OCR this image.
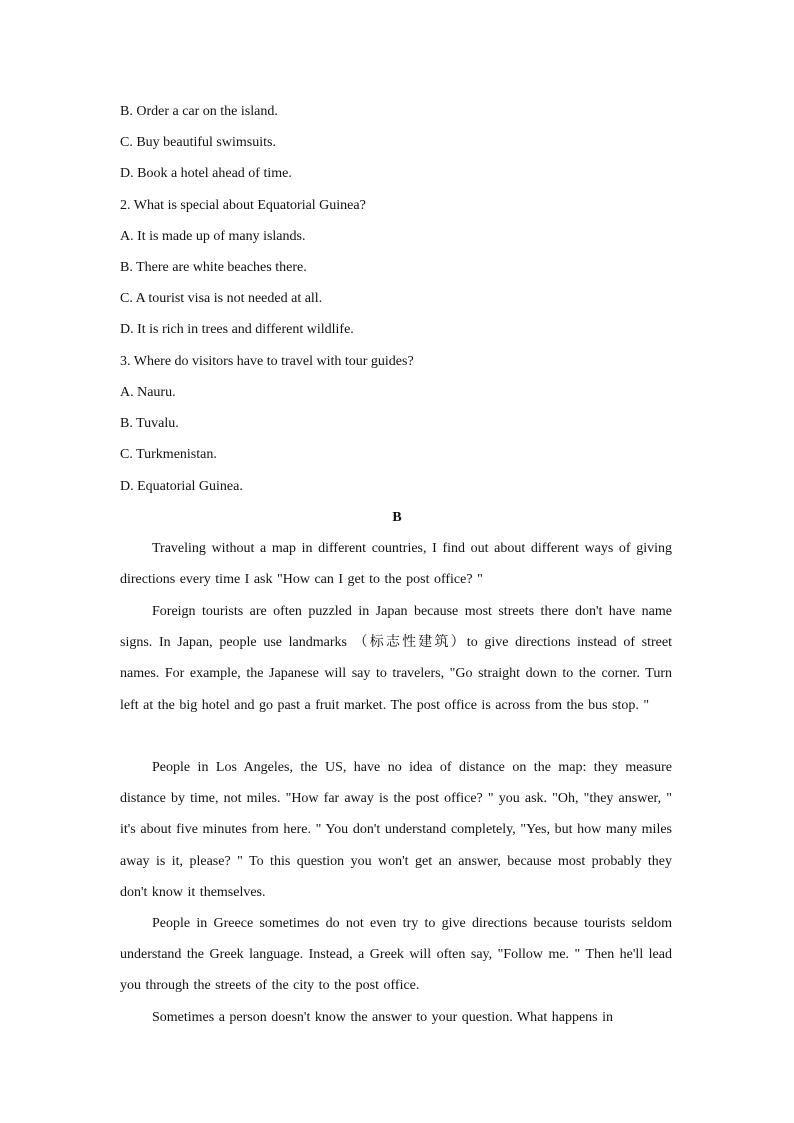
B. Order a car on the island.
C. Buy beautiful swimsuits.
D. Book a hotel ahead of time.
2. What is special about Equatorial Guinea?
A. It is made up of many islands.
B. There are white beaches there.
C. A tourist visa is not needed at all.
D. It is rich in trees and different wildlife.
3. Where do visitors have to travel with tour guides?
A. Nauru.
B. Tuvalu.
C. Turkmenistan.
D. Equatorial Guinea.
B

Traveling without a map in different countries, I find out about different ways of giving directions every time I ask "How can I get to the post office? "

Foreign tourists are often puzzled in Japan because most streets there don't have name signs. In Japan, people use landmarks （标志性建筑）to give directions instead of street names. For example, the Japanese will say to travelers, "Go straight down to the corner. Turn left at the big hotel and go past a fruit market. The post office is across from the bus stop. "

People in Los Angeles, the US, have no idea of distance on the map: they measure distance by time, not miles. "How far away is the post office? " you ask. "Oh, "they answer, " it's about five minutes from here. " You don't understand completely, "Yes, but how many miles away is it, please? " To this question you won't get an answer, because most probably they don't know it themselves.

People in Greece sometimes do not even try to give directions because tourists seldom understand the Greek language. Instead, a Greek will often say, "Follow me. " Then he'll lead you through the streets of the city to the post office.

Sometimes a person doesn't know the answer to your question. What happens in
